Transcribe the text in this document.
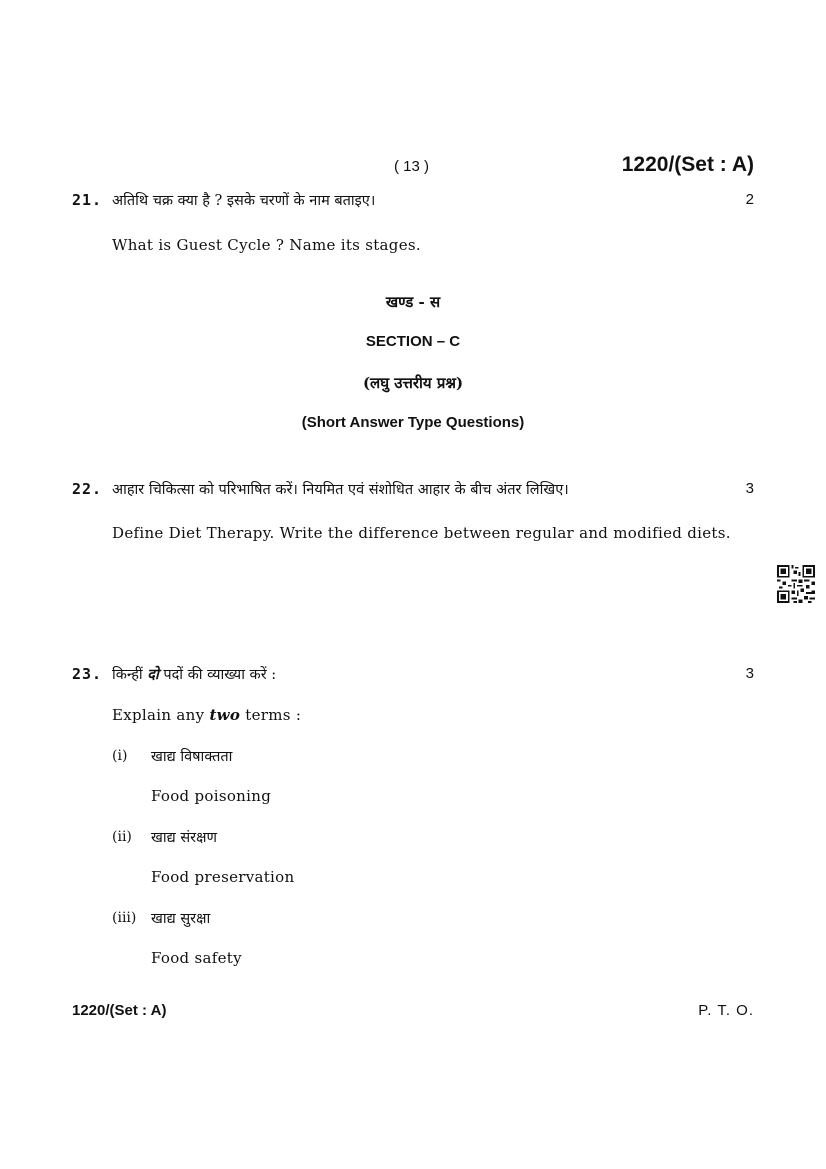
( 13 )	1220/(Set : A)
21. अतिथि चक्र क्या है ? इसके चरणों के नाम बताइए।	2
What is Guest Cycle ? Name its stages.
खण्ड - स
SECTION – C
(लघु उत्तरीय प्रश्न)
(Short Answer Type Questions)
22. आहार चिकित्सा को परिभाषित करें। नियमित एवं संशोधित आहार के बीच अंतर लिखिए।	3
Define Diet Therapy. Write the difference between regular and modified diets.
23. किन्हीं दो पदों की व्याख्या करें :	3
Explain any two terms :
(i) खाद्य विषाक्तता
Food poisoning
(ii) खाद्य संरक्षण
Food preservation
(iii) खाद्य सुरक्षा
Food safety
1220/(Set : A)	P. T. O.
